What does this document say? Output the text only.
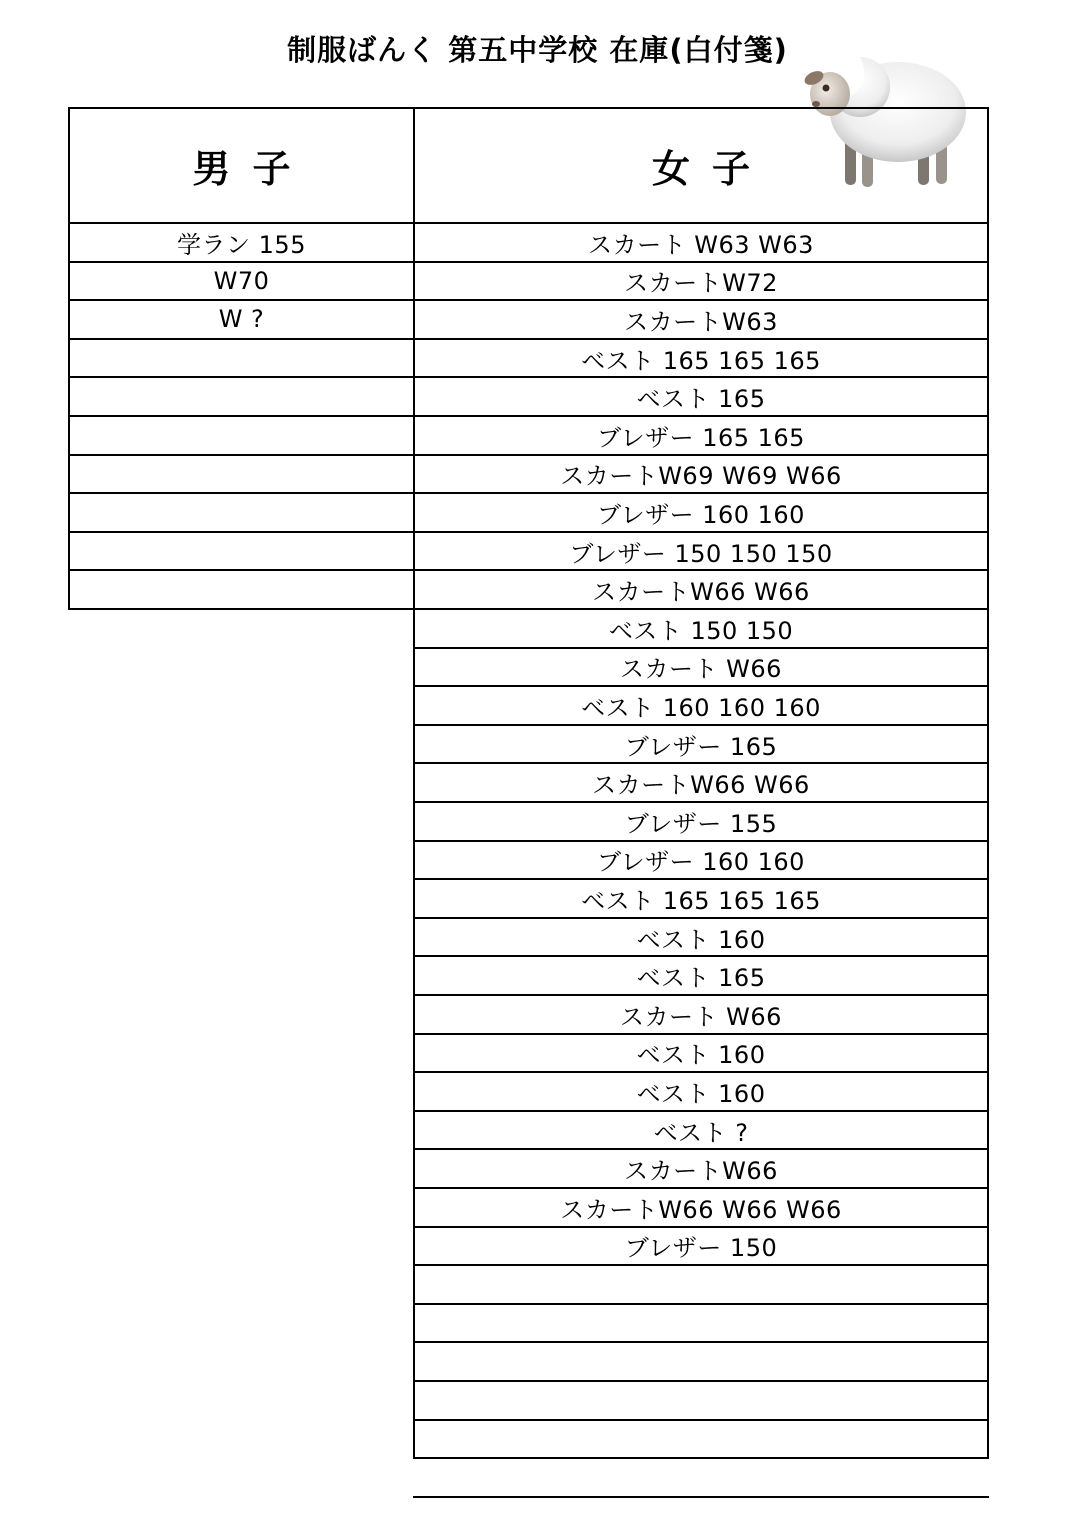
制服ばんく 第五中学校 在庫(白付箋)
男子	女子
スカート W63 W63
スカートW72
スカートW63
ベスト 165 165 165
ベスト 165
ブレザー 165 165
スカートW69 W69 W66
ブレザー 160 160
ブレザー 150 150 150
スカートW66 W66
ベスト 150 150
スカート W66
ベスト 160 160 160
ブレザー 165
スカートW66 W66
ブレザー 155
ブレザー 160 160
ベスト 165 165 165
ベスト 160
ベスト 165
スカート W66
ベスト 160
ベスト 160
ベスト ?
スカートW66
スカートW66 W66 W66
ブレザー 150
学ラン 155
W70
W ?
